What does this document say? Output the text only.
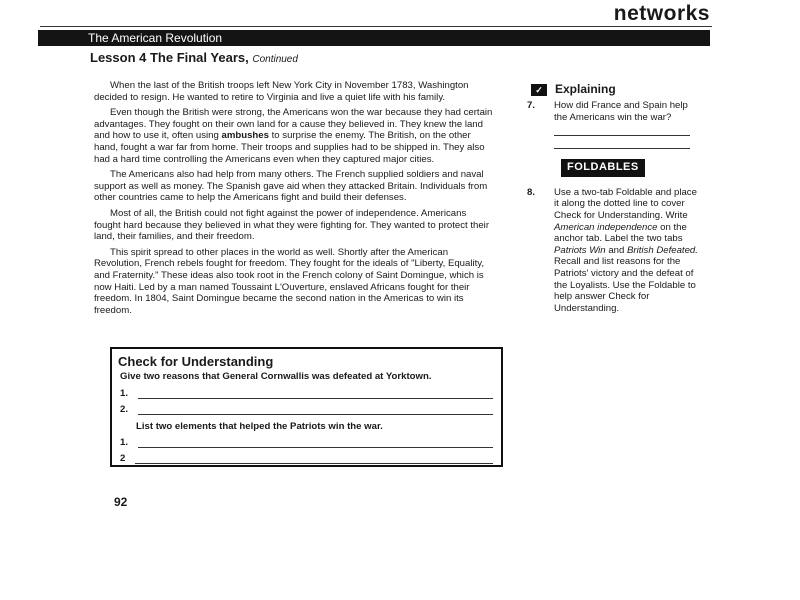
networks
The American Revolution
Lesson 4 The Final Years, Continued

When the last of the British troops left New York City in November 1783, Washington decided to resign. He wanted to retire to Virginia and live a quiet life with his family.

Even though the British were strong, the Americans won the war because they had certain advantages. They fought on their own land for a cause they believed in. They knew the land and how to use it, often using ambushes to surprise the enemy. The British, on the other hand, fought a war far from home. Their troops and supplies had to be shipped in. They also had a hard time controlling the Americans even when they captured major cities.

The Americans also had help from many others. The French supplied soldiers and naval support as well as money. The Spanish gave aid when they attacked Britain. Individuals from other countries came to help the Americans fight and build their defenses.

Most of all, the British could not fight against the power of independence. Americans fought hard because they believed in what they were fighting for. They wanted to protect their land, their families, and their freedom.

This spirit spread to other places in the world as well. Shortly after the American Revolution, French rebels fought for freedom. They fought for the ideals of "Liberty, Equality, and Fraternity." These ideas also took root in the French colony of Saint Domingue, which is now Haiti. Led by a man named Toussaint L'Ouverture, enslaved Africans fought for their freedom. In 1804, Saint Domingue became the second nation in the Americas to win its freedom.

✓	Explaining
7.	How did France and Spain help the Americans win the war?
FOLDABLES
8.	Use a two-tab Foldable and place it along the dotted line to cover Check for Understanding. Write American independence on the anchor tab. Label the two tabs Patriots Win and British Defeated. Recall and list reasons for the Patriots' victory and the defeat of the Loyalists. Use the Foldable to help answer Check for Understanding.
Check for Understanding
Give two reasons that General Cornwallis was defeated at Yorktown.
1.
2.
List two elements that helped the Patriots win the war.
1.
2
92
